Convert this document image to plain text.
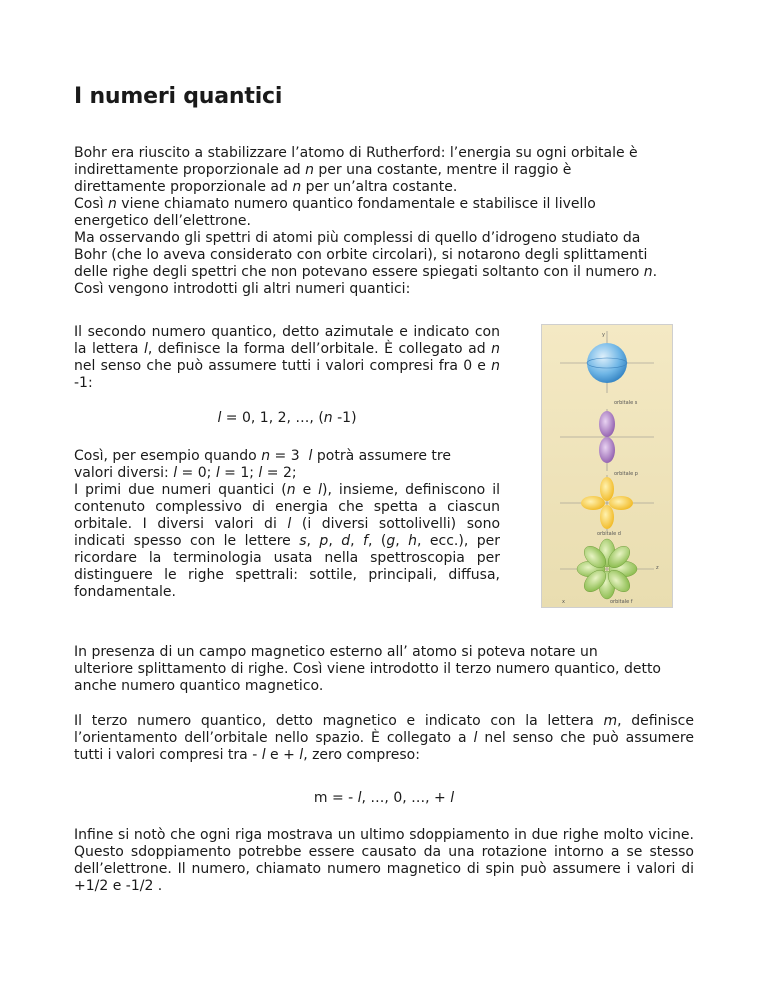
I numeri quantici

Bohr era riuscito a stabilizzare l’atomo di Rutherford: l’energia su ogni orbitale è

indirettamente proporzionale ad n per una costante, mentre il raggio è

direttamente proporzionale ad n per un’altra costante.

Così n viene chiamato numero quantico fondamentale e stabilisce il livello

energetico dell’elettrone.

Ma osservando gli spettri di atomi più complessi di quello d’idrogeno studiato da

Bohr (che lo aveva considerato con orbite circolari), si notarono degli splittamenti

delle righe degli spettri che non potevano essere spiegati soltanto con il numero n.

Così vengono introdotti gli altri numeri quantici:

Il secondo numero quantico, detto azimutale e indicato con la lettera l, definisce la forma dell’orbitale. È collegato ad n nel senso che può assumere tutti i valori compresi fra 0 e n -1:
l = 0, 1, 2, …, (n -1)

Così, per esempio quando n = 3  l potrà assumere tre

valori diversi: l = 0; l = 1; l = 2;

I primi due numeri quantici (n e l), insieme, definiscono il contenuto complessivo di energia che spetta a ciascun orbitale. I diversi valori di l (i diversi sottolivelli) sono indicati spesso con le lettere s, p, d, f, (g, h, ecc.), per ricordare la terminologia usata nella spettroscopia per distinguere le righe spettrali: sottile, principali, diffusa, fondamentale.
orbitale s
orbitale p
orbitale d
orbitale f
x
y
z

In presenza di un campo magnetico esterno all’ atomo si poteva notare un

ulteriore splittamento di righe. Così viene introdotto il terzo numero quantico, detto

anche numero quantico magnetico.

Il terzo numero quantico, detto magnetico e indicato con la lettera m, definisce l’orientamento dell’orbitale nello spazio. È collegato a l nel senso che può assumere tutti i valori compresi tra - l e + l, zero compreso:
m = - l, …, 0, …, + l
Infine si notò che ogni riga mostrava un ultimo sdoppiamento in due righe molto vicine. Questo sdoppiamento potrebbe essere causato da una rotazione intorno a se stesso dell’elettrone. Il numero, chiamato numero magnetico di spin può assumere i valori di +1/2 e -1/2 .
